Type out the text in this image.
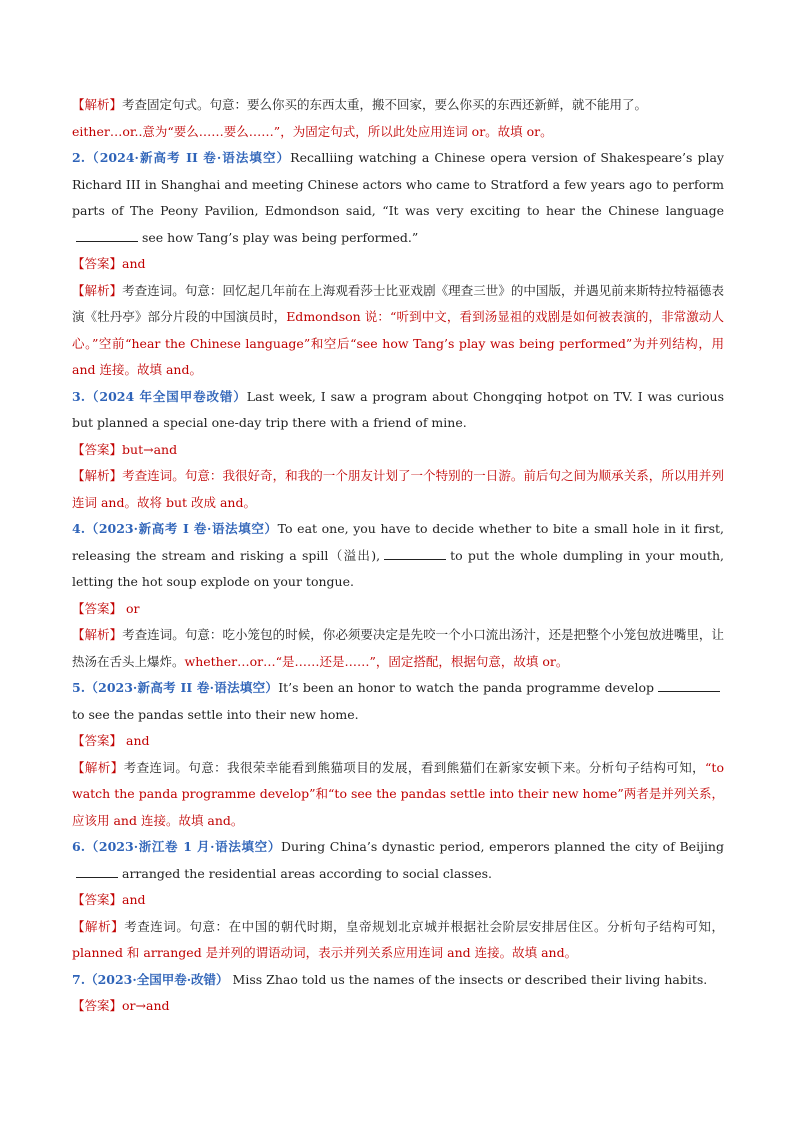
【解析】考查固定句式。句意：要么你买的东西太重，搬不回家，要么你买的东西还新鲜，就不能用了。
either…or..意为“要么……要么……”，为固定句式，所以此处应用连词 or。故填 or。

2.（2024·新高考 II 卷·语法填空）Recalliing watching a Chinese opera version of Shakespeare’s play Richard III in Shanghai and meeting Chinese actors who came to Stratford a few years ago to perform parts of The Peony Pavilion, Edmondson said, “It was very exciting to hear the Chinese languagesee how Tang’s play was being performed.”

【答案】and

【解析】考查连词。句意：回忆起几年前在上海观看莎士比亚戏剧《理查三世》的中国版，并遇见前来斯特拉特福德表演《牡丹亭》部分片段的中国演员时，Edmondson 说：“听到中文，看到汤显祖的戏剧是如何被表演的，非常激动人心。”空前“hear the Chinese language”和空后“see how Tang’s play was being performed”为并列结构，用 and 连接。故填 and。

3.（2024 年全国甲卷改错）Last week, I saw a program about Chongqing hotpot on TV. I was curious but planned a special one-day trip there with a friend of mine.

【答案】but→and

【解析】考查连词。句意：我很好奇，和我的一个朋友计划了一个特别的一日游。前后句之间为顺承关系，所以用并列连词 and。故将 but 改成 and。

4.（2023·新高考 I 卷·语法填空）To eat one, you have to decide whether to bite a small hole in it first, releasing the stream and risking a spill（溢出),	to put the whole dumpling in your mouth, letting the hot soup explode on your tongue.

【答案】 or

【解析】考查连词。句意：吃小笼包的时候，你必须要决定是先咬一个小口流出汤汁，还是把整个小笼包放进嘴里，让热汤在舌头上爆炸。whether…or…“是……还是……”，固定搭配，根据句意，故填 or。

5.（2023·新高考 II 卷·语法填空）It’s been an honor to watch the panda programme developto see the pandas settle into their new home.

【答案】 and

【解析】考查连词。句意：我很荣幸能看到熊猫项目的发展，看到熊猫们在新家安顿下来。分析句子结构可知，“to watch the panda programme develop”和“to see the pandas settle into their new home”两者是并列关系，应该用 and 连接。故填 and。

6.（2023·浙江卷 1 月·语法填空）During China’s dynastic period, emperors planned the city of Beijingarranged the residential areas according to social classes.

【答案】and

【解析】考查连词。句意：在中国的朝代时期，皇帝规划北京城并根据社会阶层安排居住区。分析句子结构可知，planned 和 arranged 是并列的谓语动词，表示并列关系应用连词 and 连接。故填 and。

7.（2023·全国甲卷·改错） Miss Zhao told us the names of the insects or described their living habits.

【答案】or→and
